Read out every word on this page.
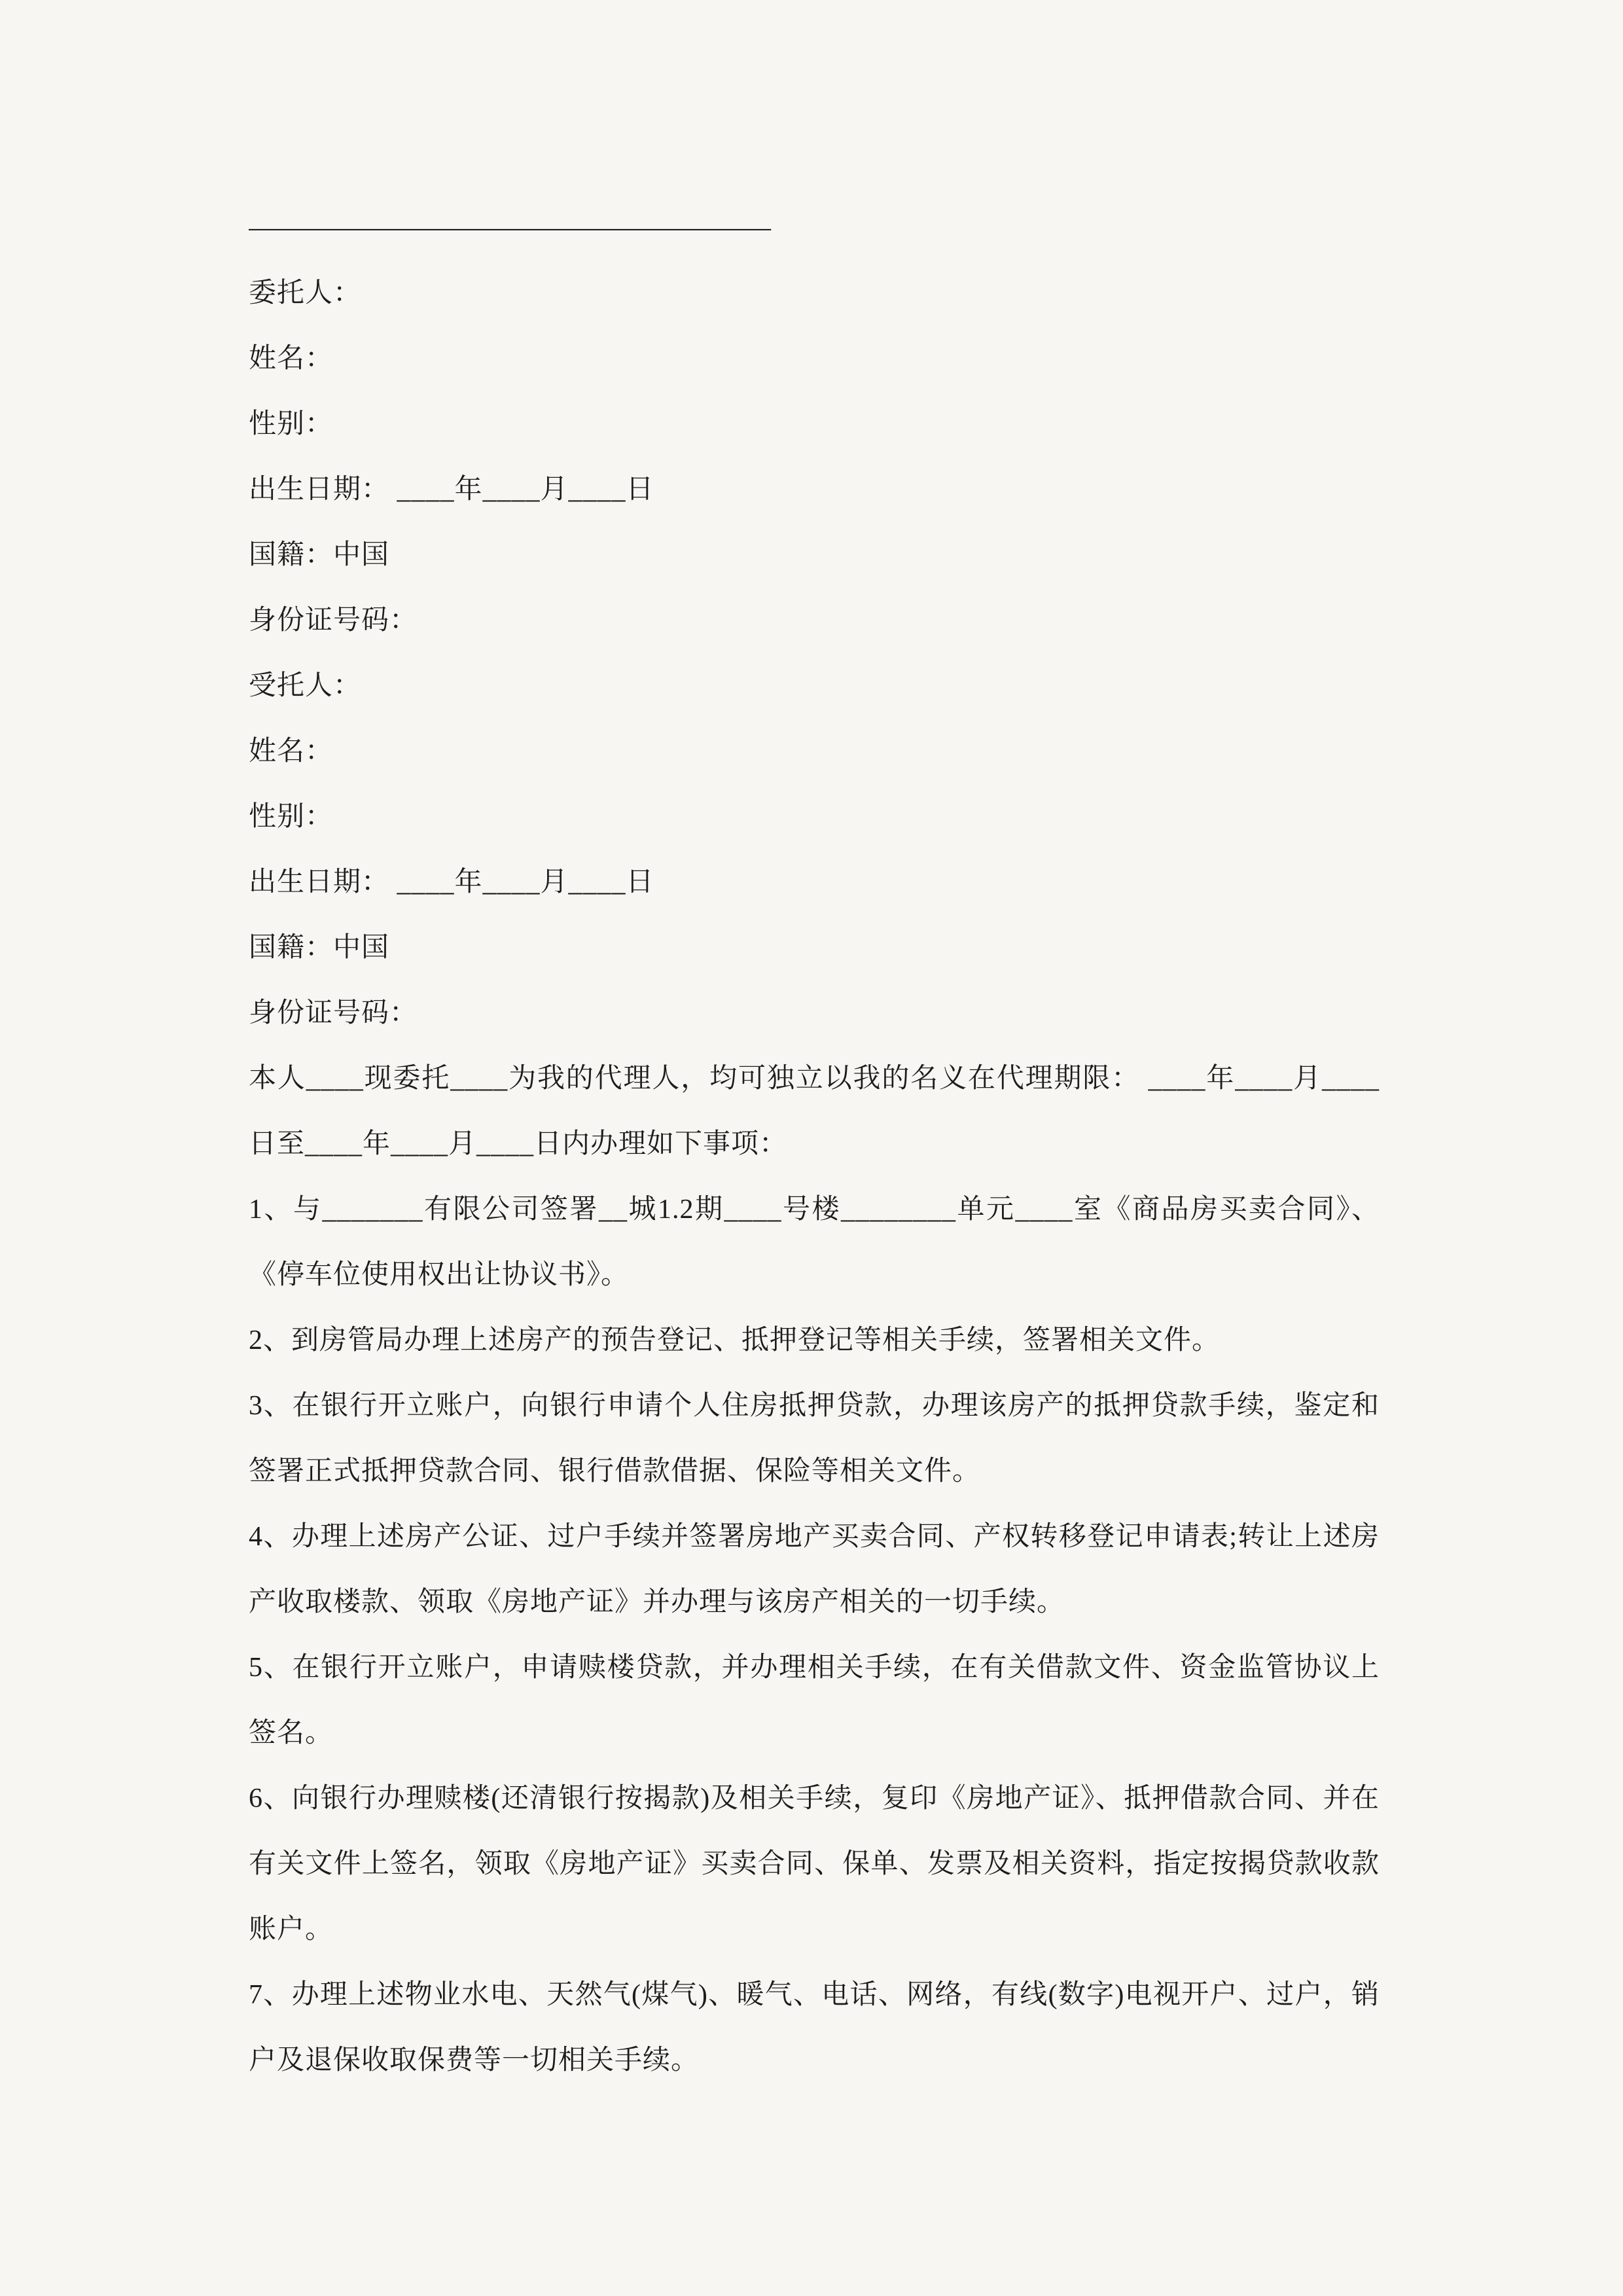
———————————————————

委托人：

姓名：

性别：

出生日期： ____年____月____日

国籍：中国

身份证号码：

受托人：

姓名：

性别：

出生日期： ____年____月____日

国籍：中国

身份证号码：

本人____现委托____为我的代理人，均可独立以我的名义在代理期限： ____年____月____日至____年____月____日内办理如下事项：

1、与_______有限公司签署__城1.2期____号楼________单元____室《商品房买卖合同》、《停车位使用权出让协议书》。

2、到房管局办理上述房产的预告登记、抵押登记等相关手续，签署相关文件。

3、在银行开立账户，向银行申请个人住房抵押贷款，办理该房产的抵押贷款手续，鉴定和签署正式抵押贷款合同、银行借款借据、保险等相关文件。

4、办理上述房产公证、过户手续并签署房地产买卖合同、产权转移登记申请表;转让上述房产收取楼款、领取《房地产证》并办理与该房产相关的一切手续。

5、在银行开立账户，申请赎楼贷款，并办理相关手续，在有关借款文件、资金监管协议上签名。

6、向银行办理赎楼(还清银行按揭款)及相关手续，复印《房地产证》、抵押借款合同、并在有关文件上签名，领取《房地产证》买卖合同、保单、发票及相关资料，指定按揭贷款收款账户。

7、办理上述物业水电、天然气(煤气)、暖气、电话、网络，有线(数字)电视开户、过户，销户及退保收取保费等一切相关手续。
